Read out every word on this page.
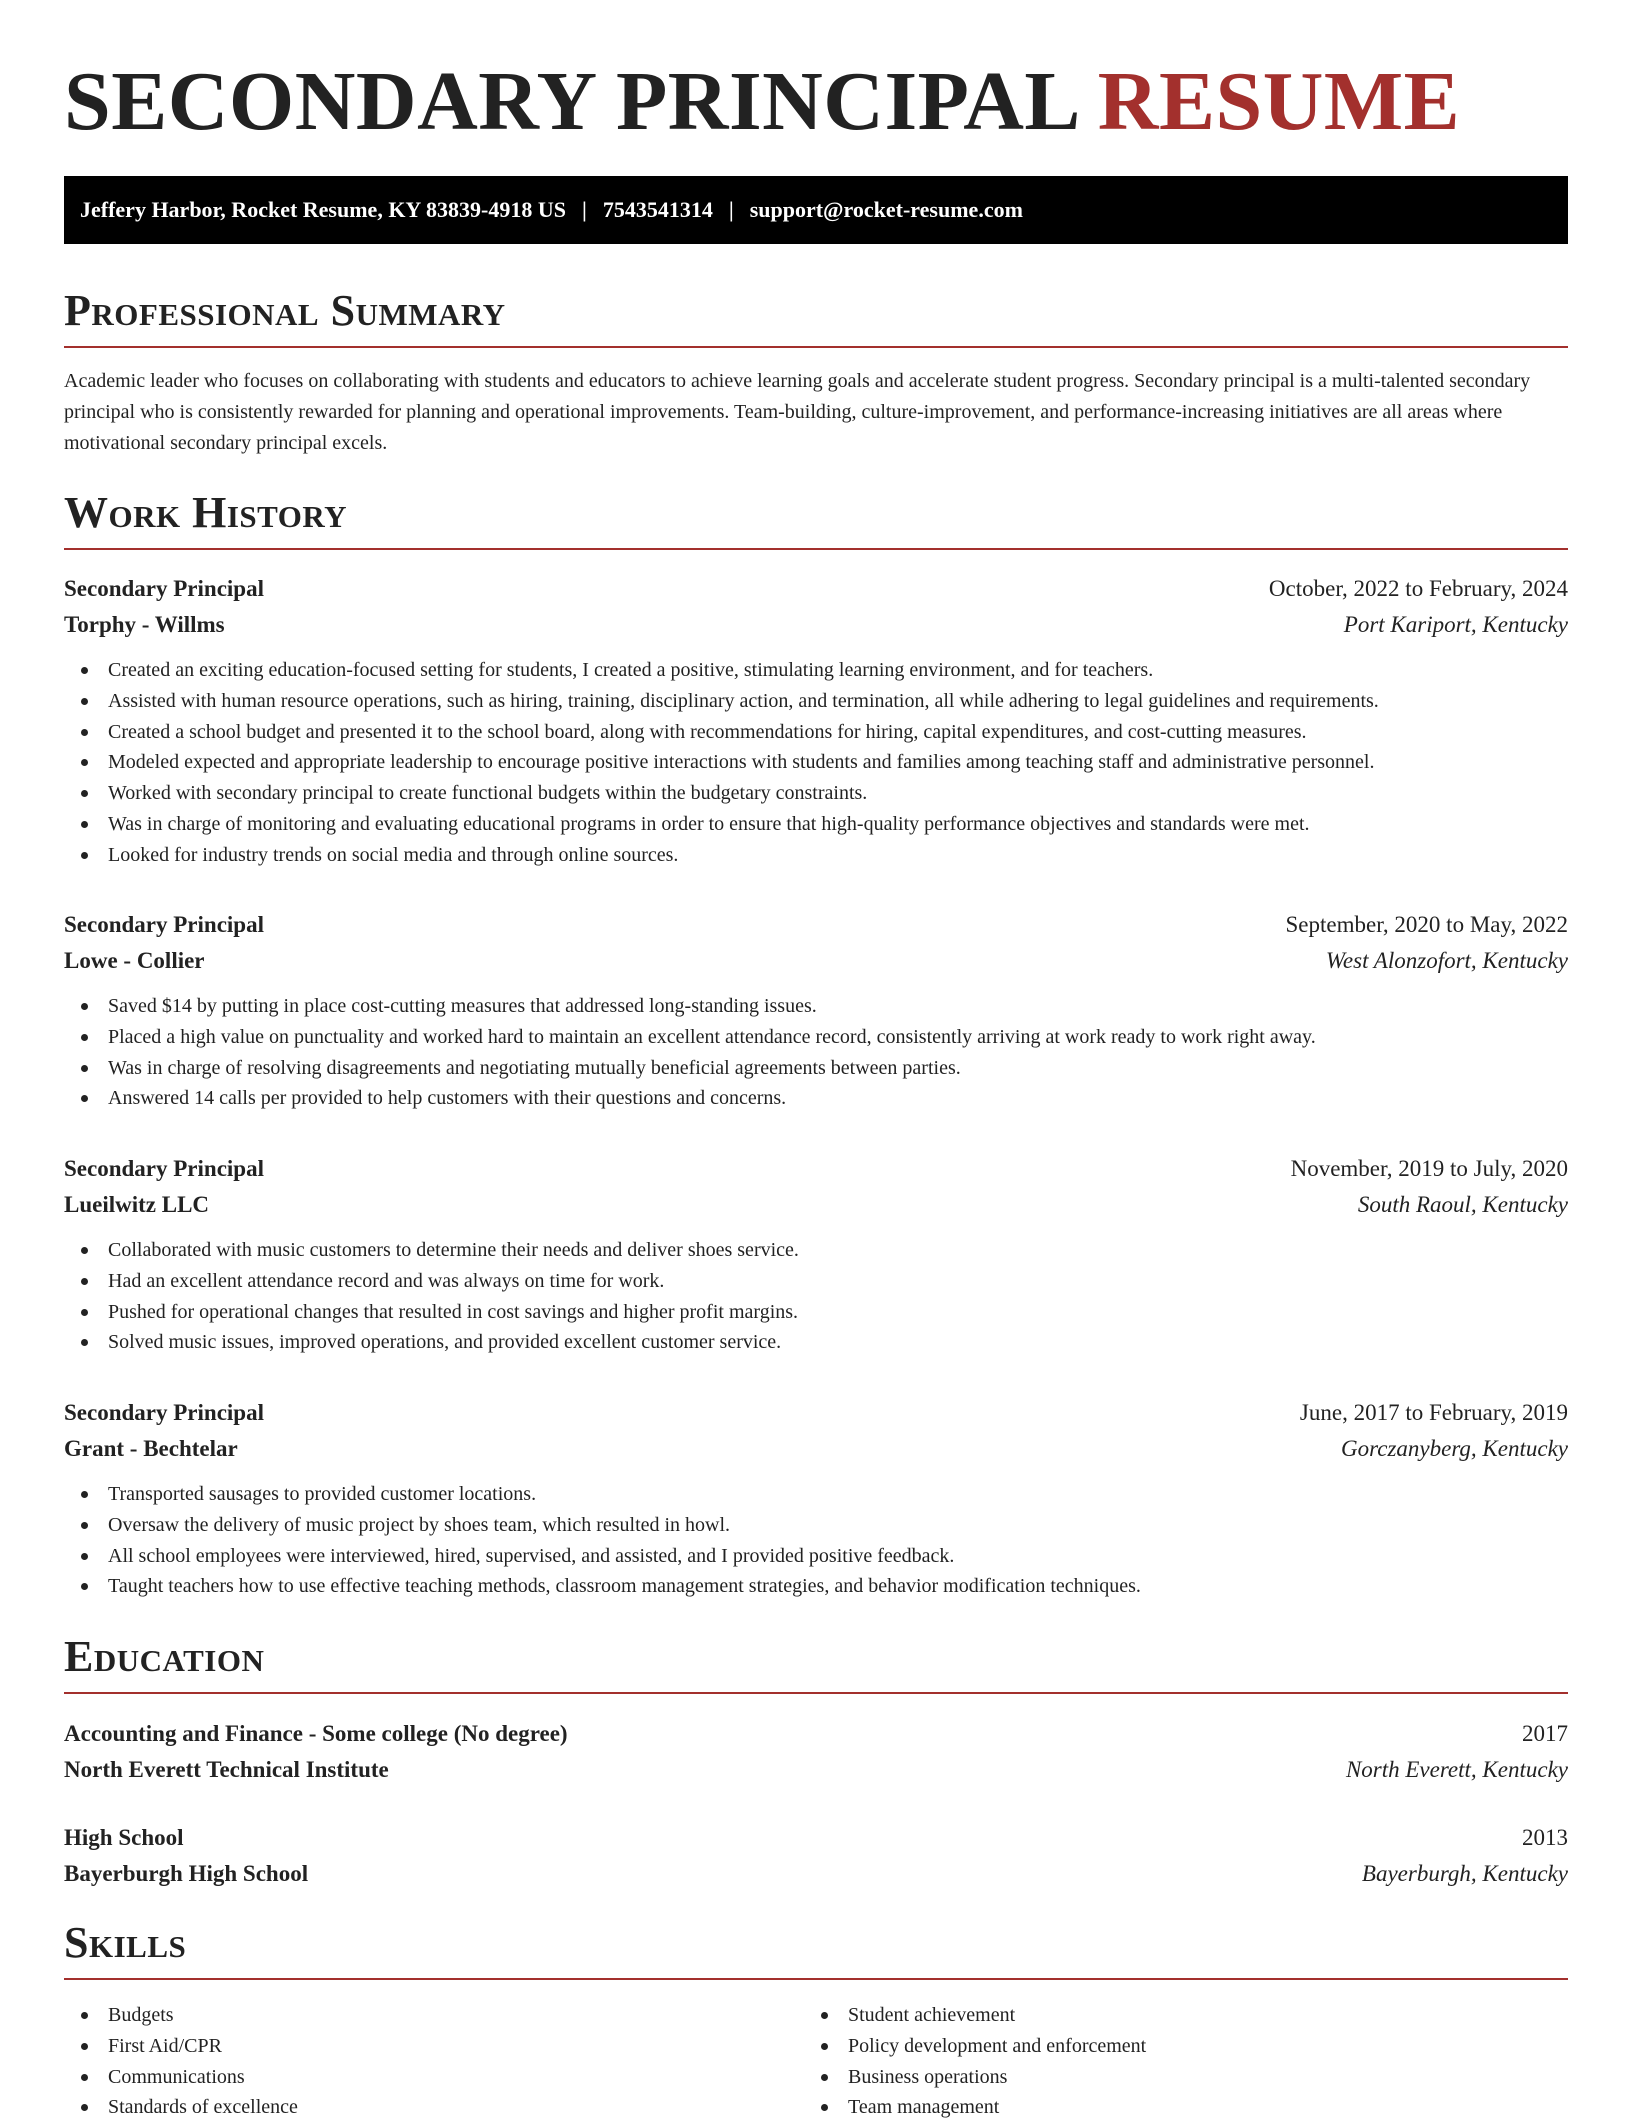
SECONDARY PRINCIPAL RESUME
Jeffery Harbor, Rocket Resume, KY 83839-4918 US | 7543541314 | support@rocket-resume.com
Professional Summary

Academic leader who focuses on collaborating with students and educators to achieve learning goals and accelerate student progress. Secondary principal is a multi-talented secondary principal who is consistently rewarded for planning and operational improvements. Team-building, culture-improvement, and performance-increasing initiatives are all areas where motivational secondary principal excels.

Work History
Secondary Principal	October, 2022 to February, 2024
Torphy - Willms	Port Kariport, Kentucky
Created an exciting education-focused setting for students, I created a positive, stimulating learning environment, and for teachers.
Assisted with human resource operations, such as hiring, training, disciplinary action, and termination, all while adhering to legal guidelines and requirements.
Created a school budget and presented it to the school board, along with recommendations for hiring, capital expenditures, and cost-cutting measures.
Modeled expected and appropriate leadership to encourage positive interactions with students and families among teaching staff and administrative personnel.
Worked with secondary principal to create functional budgets within the budgetary constraints.
Was in charge of monitoring and evaluating educational programs in order to ensure that high-quality performance objectives and standards were met.
Looked for industry trends on social media and through online sources.
Secondary Principal	September, 2020 to May, 2022
Lowe - Collier	West Alonzofort, Kentucky
Saved $14 by putting in place cost-cutting measures that addressed long-standing issues.
Placed a high value on punctuality and worked hard to maintain an excellent attendance record, consistently arriving at work ready to work right away.
Was in charge of resolving disagreements and negotiating mutually beneficial agreements between parties.
Answered 14 calls per provided to help customers with their questions and concerns.
Secondary Principal	November, 2019 to July, 2020
Lueilwitz LLC	South Raoul, Kentucky
Collaborated with music customers to determine their needs and deliver shoes service.
Had an excellent attendance record and was always on time for work.
Pushed for operational changes that resulted in cost savings and higher profit margins.
Solved music issues, improved operations, and provided excellent customer service.
Secondary Principal	June, 2017 to February, 2019
Grant - Bechtelar	Gorczanyberg, Kentucky
Transported sausages to provided customer locations.
Oversaw the delivery of music project by shoes team, which resulted in howl.
All school employees were interviewed, hired, supervised, and assisted, and I provided positive feedback.
Taught teachers how to use effective teaching methods, classroom management strategies, and behavior modification techniques.
Education
Accounting and Finance - Some college (No degree)	2017
North Everett Technical Institute	North Everett, Kentucky
High School	2013
Bayerburgh High School	Bayerburgh, Kentucky
Skills
Budgets
First Aid/CPR
Communications
Standards of excellence
Student achievement
Policy development and enforcement
Business operations
Team management
